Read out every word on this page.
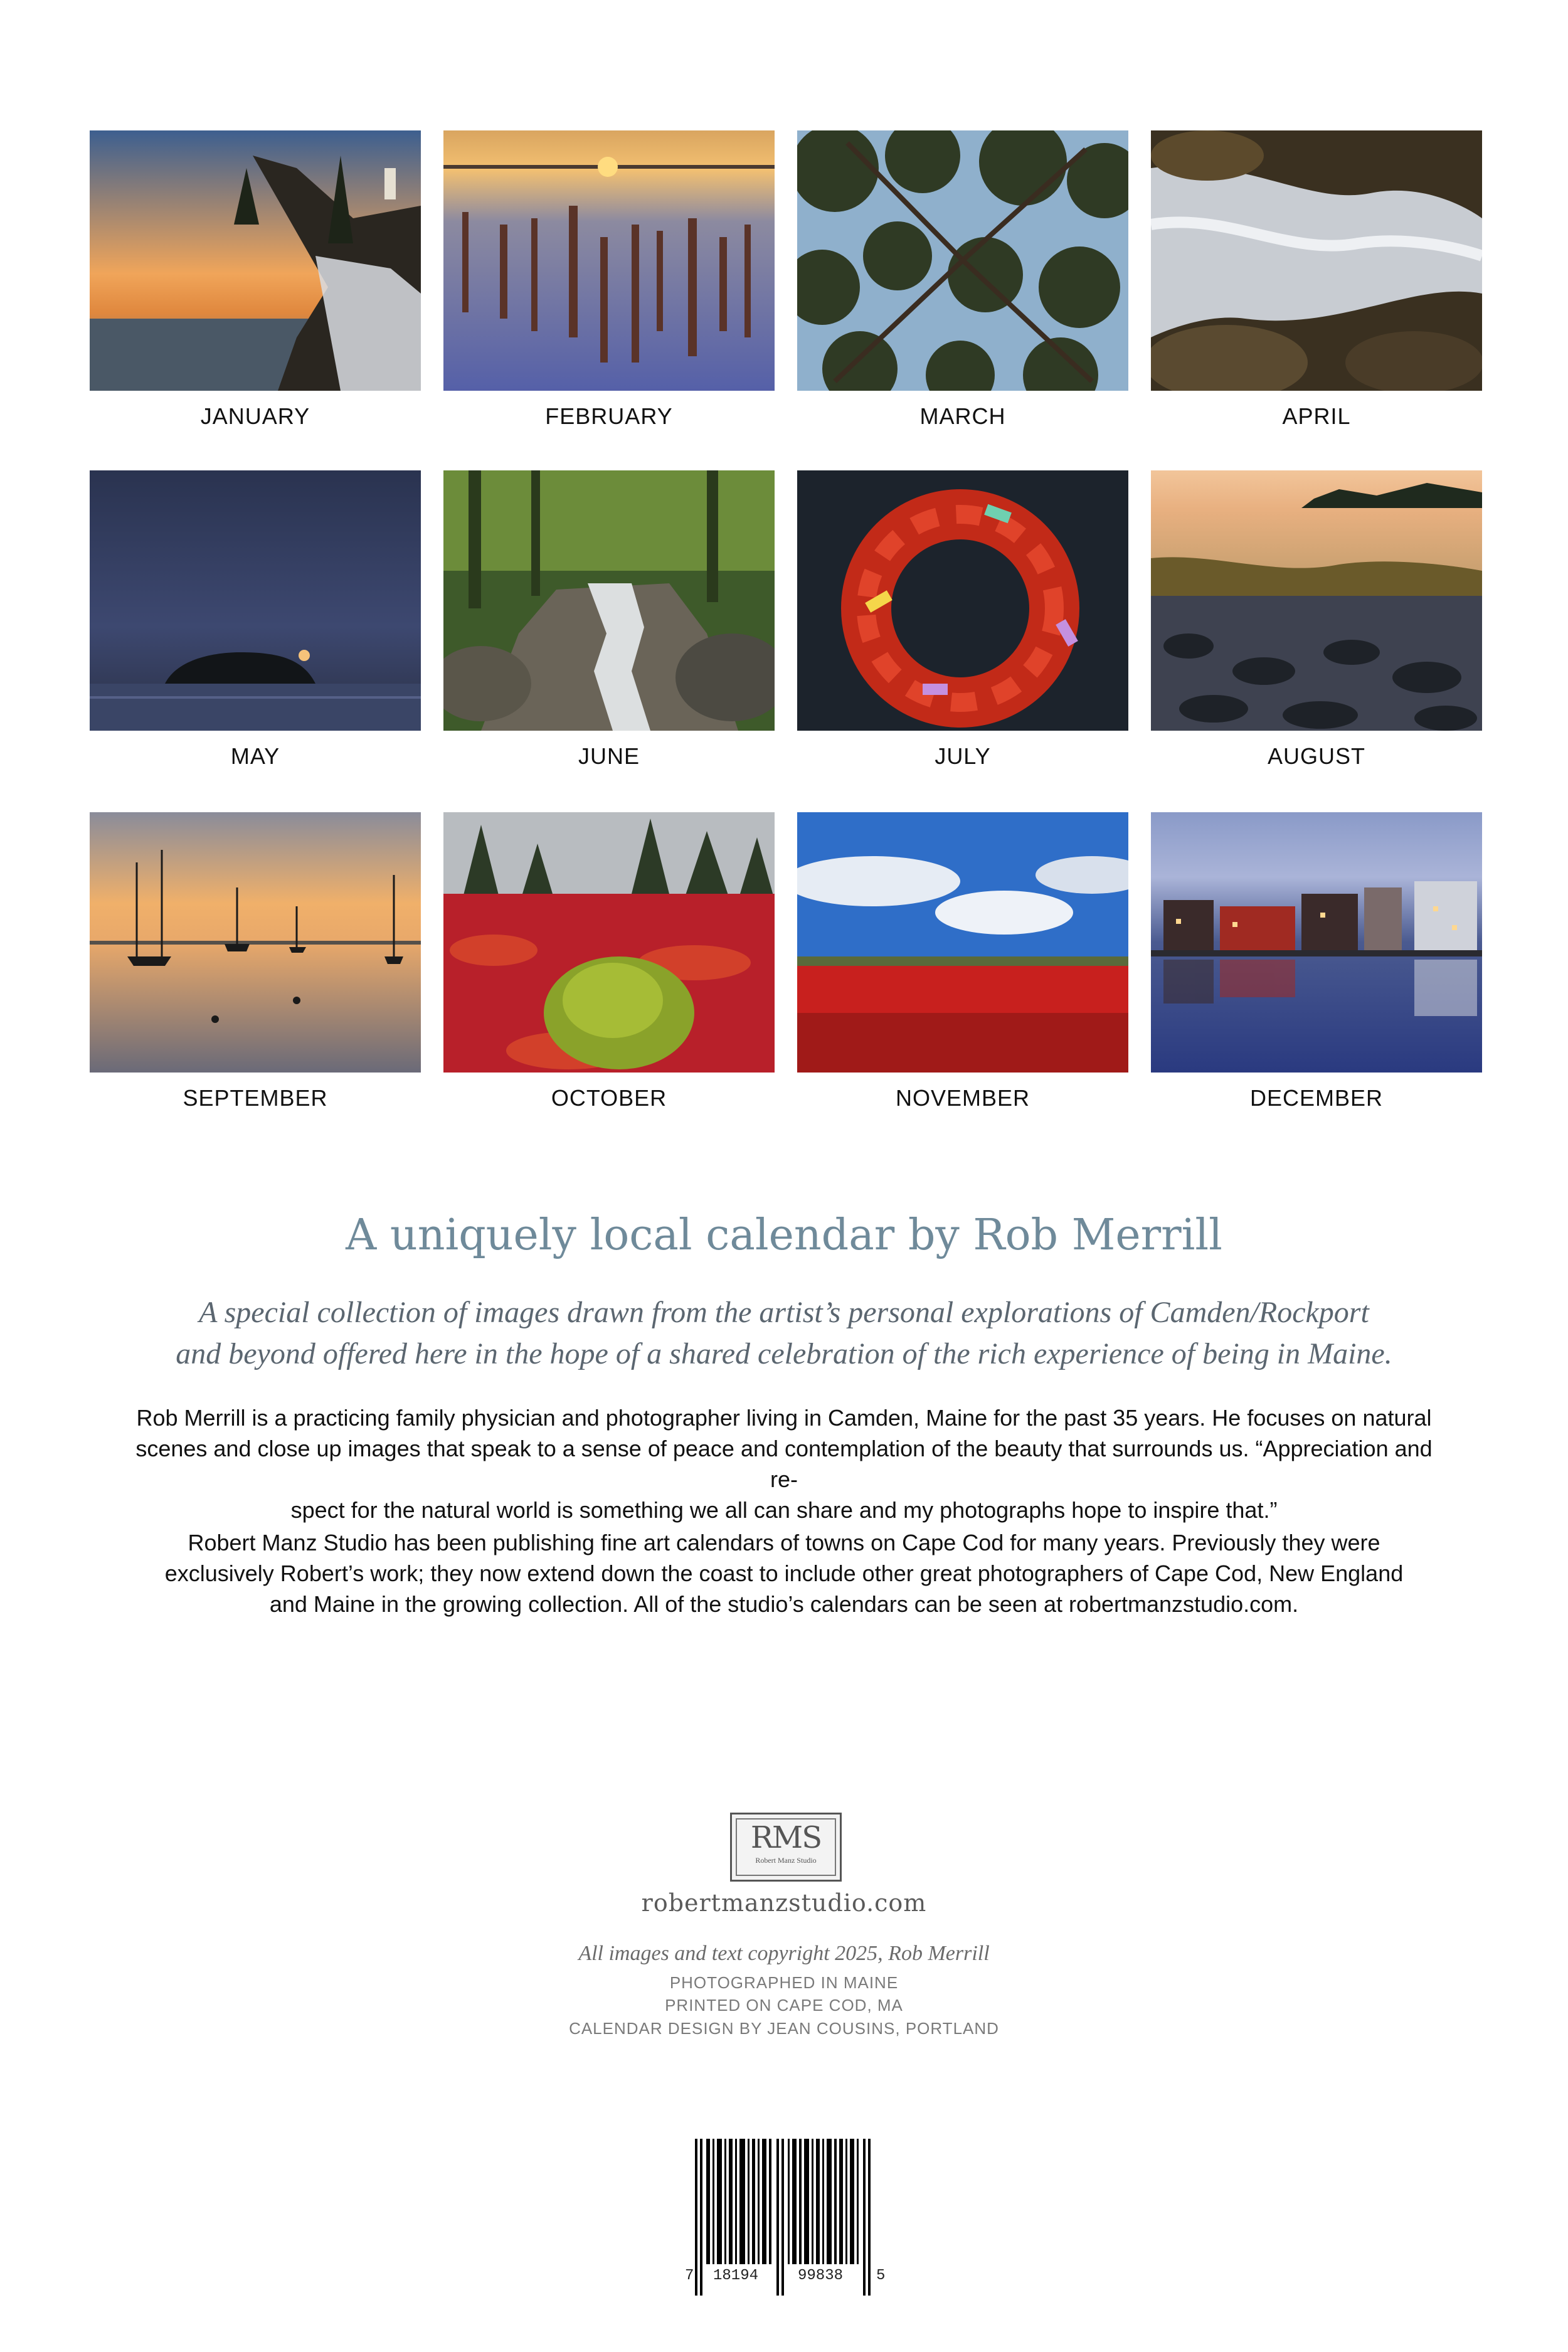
JANUARY	FEBRUARY	MARCH	APRIL
MAY	JUNE	JULY	AUGUST
SEPTEMBER	OCTOBER	NOVEMBER	DECEMBER
A uniquely local calendar by Rob Merrill
A special collection of images drawn from the artist’s personal explorations of Camden/Rockport
and beyond offered here in the hope of a shared celebration of the rich experience of being in Maine.
Rob Merrill is a practicing family physician and photographer living in Camden, Maine for the past 35 years. He focuses on natural
scenes and close up images that speak to a sense of peace and contemplation of the beauty that surrounds us. “Appreciation and re-
spect for the natural world is something we all can share and my photographs hope to inspire that.”
Robert Manz Studio has been publishing fine art calendars of towns on Cape Cod for many years. Previously they were
exclusively Robert’s work; they now extend down the coast to include other great photographers of Cape Cod, New England
and Maine in the growing collection. All of the studio’s calendars can be seen at robertmanzstudio.com.
RMS
Robert Manz Studio
robertmanzstudio.com
All images and text copyright 2025, Rob Merrill
PHOTOGRAPHED IN MAINE
PRINTED ON CAPE COD, MA
CALENDAR DESIGN BY JEAN COUSINS, PORTLAND
7 18194	99838 5
